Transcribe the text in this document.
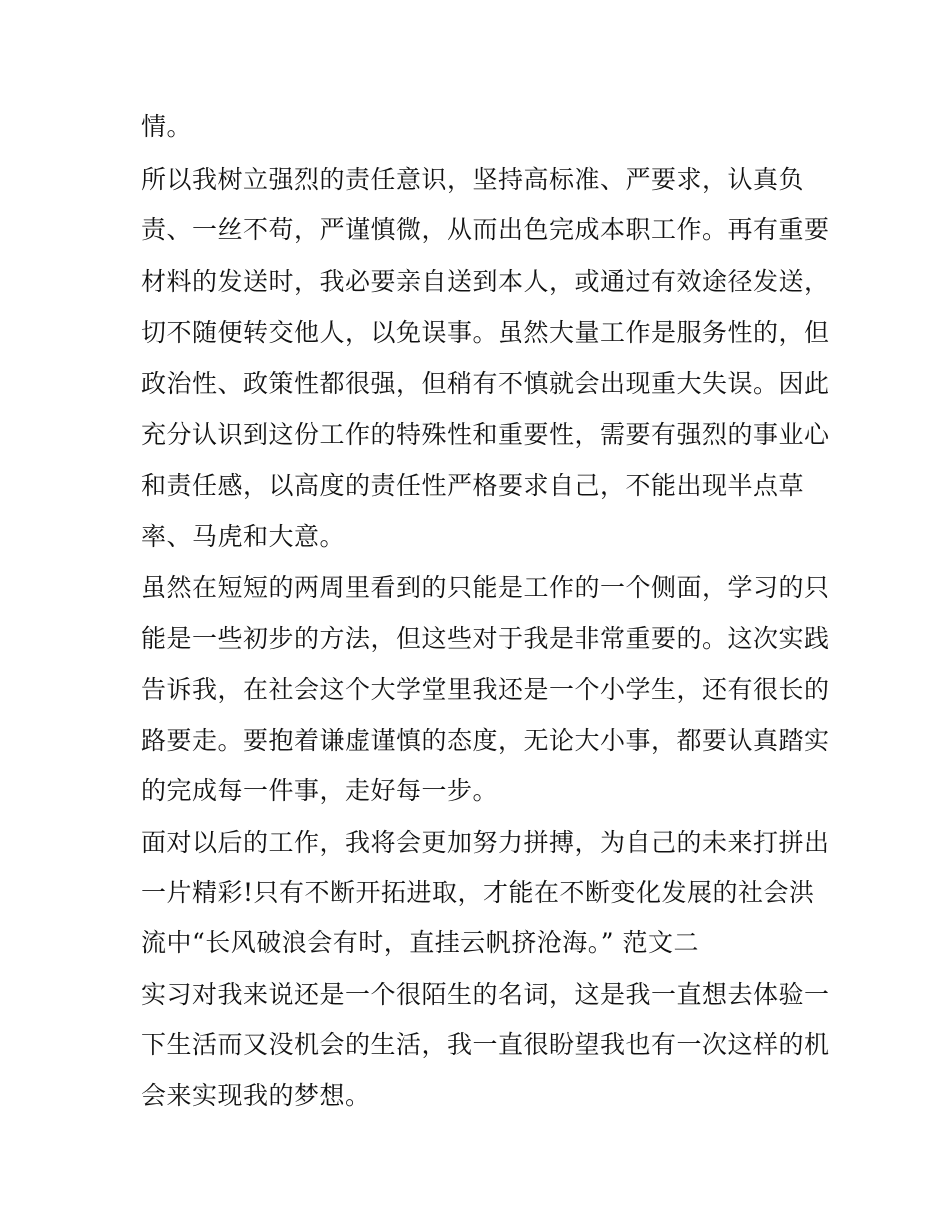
情。
所以我树立强烈的责任意识，坚持高标准、严要求，认真负
责、一丝不苟，严谨慎微，从而出色完成本职工作。再有重要
材料的发送时，我必要亲自送到本人，或通过有效途径发送，
切不随便转交他人，以免误事。虽然大量工作是服务性的，但
政治性、政策性都很强，但稍有不慎就会出现重大失误。因此
充分认识到这份工作的特殊性和重要性，需要有强烈的事业心
和责任感，以高度的责任性严格要求自己，不能出现半点草
率、马虎和大意。
虽然在短短的两周里看到的只能是工作的一个侧面，学习的只
能是一些初步的方法，但这些对于我是非常重要的。这次实践
告诉我，在社会这个大学堂里我还是一个小学生，还有很长的
路要走。要抱着谦虚谨慎的态度，无论大小事，都要认真踏实
的完成每一件事，走好每一步。
面对以后的工作，我将会更加努力拼搏，为自己的未来打拼出
一片精彩!只有不断开拓进取，才能在不断变化发展的社会洪
流中“长风破浪会有时，直挂云帆挤沧海。” 范文二
实习对我来说还是一个很陌生的名词，这是我一直想去体验一
下生活而又没机会的生活，我一直很盼望我也有一次这样的机
会来实现我的梦想。
